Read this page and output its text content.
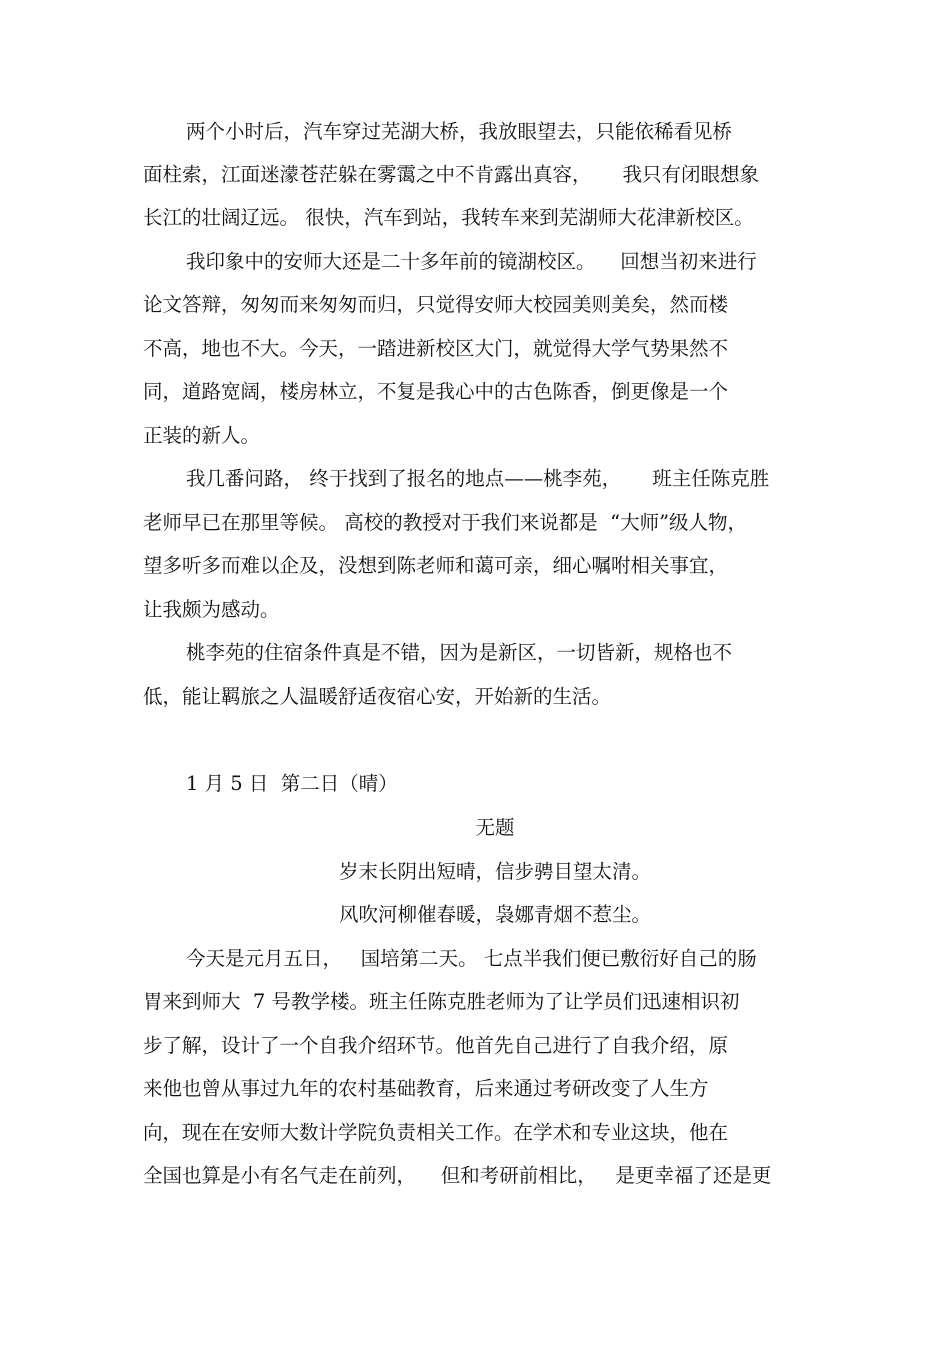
两个小时后，汽车穿过芜湖大桥，我放眼望去，只能依稀看见桥
面柱索，江面迷濛苍茫躲在雾霭之中不肯露出真容，     我只有闭眼想象
长江的壮阔辽远。 很快，汽车到站，我转车来到芜湖师大花津新校区。
我印象中的安师大还是二十多年前的镜湖校区。    回想当初来进行
论文答辩，匆匆而来匆匆而归，只觉得安师大校园美则美矣，然而楼
不高，地也不大。今天，一踏进新校区大门，就觉得大学气势果然不
同，道路宽阔，楼房林立，不复是我心中的古色陈香，倒更像是一个
正装的新人。
我几番问路， 终于找到了报名的地点——桃李苑，     班主任陈克胜
老师早已在那里等候。 高校的教授对于我们来说都是  “大师”级人物，
望多听多而难以企及，没想到陈老师和蔼可亲，细心嘱咐相关事宜，
让我颇为感动。
桃李苑的住宿条件真是不错，因为是新区，一切皆新，规格也不
低，能让羁旅之人温暖舒适夜宿心安，开始新的生活。
1 月 5 日  第二日（晴）
无题
岁末长阴出短晴，信步骋目望太清。
风吹河柳催春暖，袅娜青烟不惹尘。
今天是元月五日，   国培第二天。 七点半我们便已敷衍好自己的肠
胃来到师大  7 号教学楼。班主任陈克胜老师为了让学员们迅速相识初
步了解，设计了一个自我介绍环节。他首先自己进行了自我介绍，原
来他也曾从事过九年的农村基础教育，后来通过考研改变了人生方
向，现在在安师大数计学院负责相关工作。在学术和专业这块，他在
全国也算是小有名气走在前列，    但和考研前相比，   是更幸福了还是更
